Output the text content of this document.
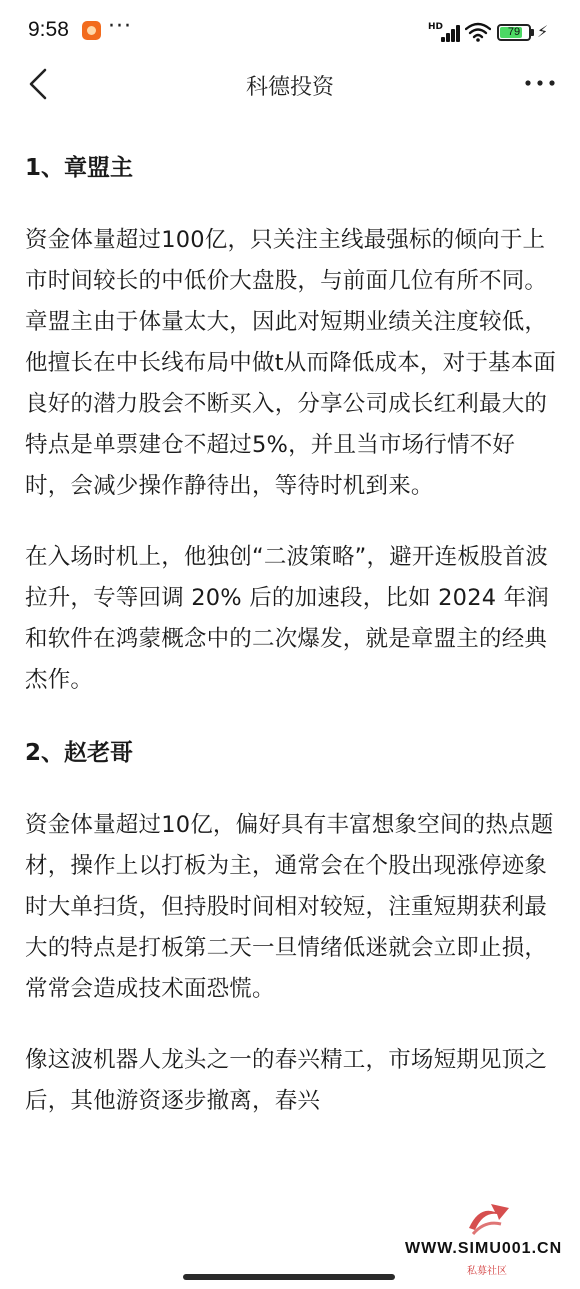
9:58 ···	HD	79	⚡
科德投资
1、章盟主

资金体量超过100亿，只关注主线最强标的倾向于上市时间较长的中低价大盘股，与前面几位有所不同。章盟主由于体量太大，因此对短期业绩关注度较低，他擅长在中长线布局中做t从而降低成本，对于基本面良好的潜力股会不断买入，分享公司成长红利最大的特点是单票建仓不超过5%，并且当市场行情不好时，会减少操作静待出，等待时机到来。

在入场时机上，他独创“二波策略”，避开连板股首波拉升，专等回调 20% 后的加速段，比如 2024 年润和软件在鸿蒙概念中的二次爆发，就是章盟主的经典杰作。

2、赵老哥

资金体量超过10亿，偏好具有丰富想象空间的热点题材，操作上以打板为主，通常会在个股出现涨停迹象时大单扫货，但持股时间相对较短，注重短期获利最大的特点是打板第二天一旦情绪低迷就会立即止损，常常会造成技术面恐慌。

像这波机器人龙头之一的春兴精工，市场短期见顶之后，其他游资逐步撤离，春兴

WWW.SIMU001.CN
私募社区
